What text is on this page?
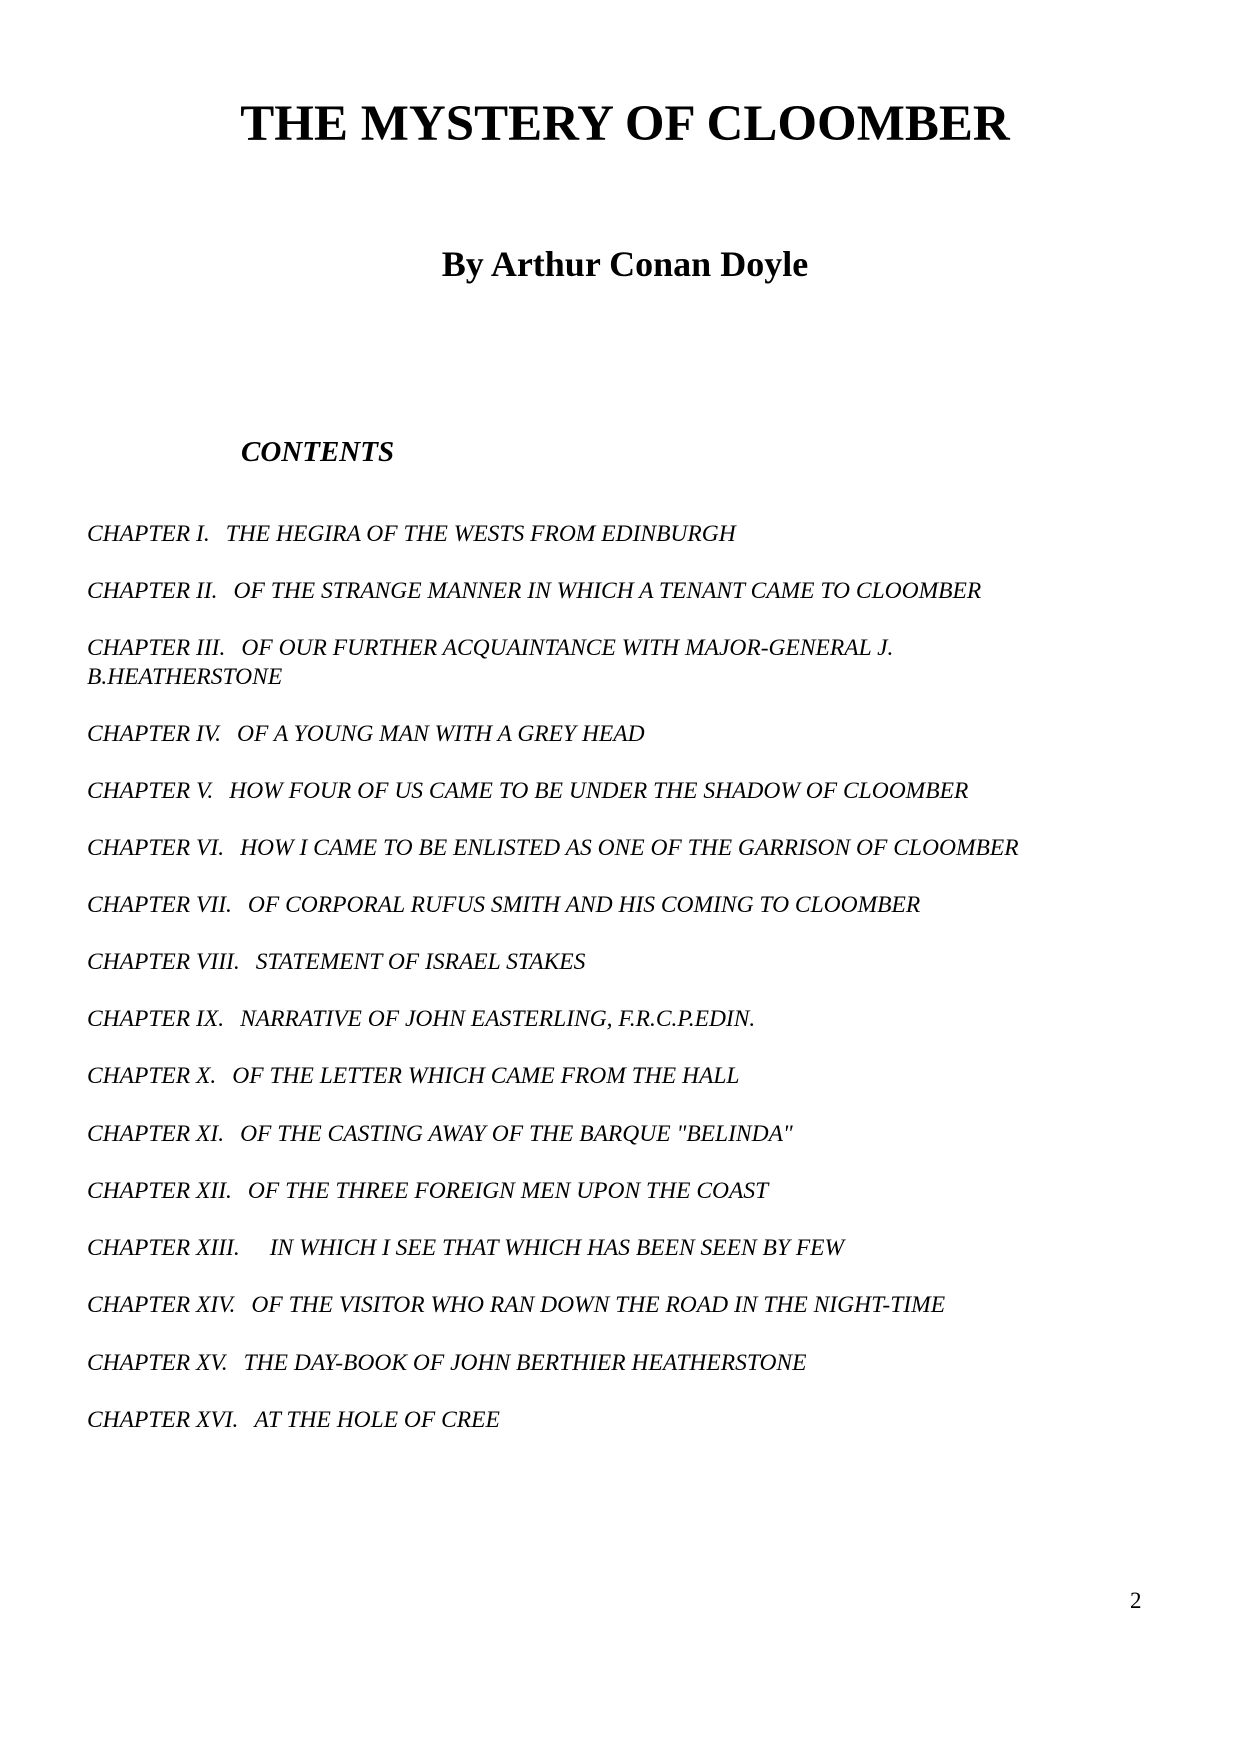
THE MYSTERY OF CLOOMBER
By Arthur Conan Doyle
CONTENTS
CHAPTER I. THE HEGIRA OF THE WESTS FROM EDINBURGH
CHAPTER II. OF THE STRANGE MANNER IN WHICH A TENANT CAME TO CLOOMBER
CHAPTER III. OF OUR FURTHER ACQUAINTANCE WITH MAJOR-GENERAL J.
B.HEATHERSTONE
CHAPTER IV. OF A YOUNG MAN WITH A GREY HEAD
CHAPTER V. HOW FOUR OF US CAME TO BE UNDER THE SHADOW OF CLOOMBER
CHAPTER VI. HOW I CAME TO BE ENLISTED AS ONE OF THE GARRISON OF CLOOMBER
CHAPTER VII. OF CORPORAL RUFUS SMITH AND HIS COMING TO CLOOMBER
CHAPTER VIII. STATEMENT OF ISRAEL STAKES
CHAPTER IX. NARRATIVE OF JOHN EASTERLING, F.R.C.P.EDIN.
CHAPTER X. OF THE LETTER WHICH CAME FROM THE HALL
CHAPTER XI. OF THE CASTING AWAY OF THE BARQUE "BELINDA"
CHAPTER XII. OF THE THREE FOREIGN MEN UPON THE COAST
CHAPTER XIII. IN WHICH I SEE THAT WHICH HAS BEEN SEEN BY FEW
CHAPTER XIV. OF THE VISITOR WHO RAN DOWN THE ROAD IN THE NIGHT-TIME
CHAPTER XV. THE DAY-BOOK OF JOHN BERTHIER HEATHERSTONE
CHAPTER XVI. AT THE HOLE OF CREE

2
